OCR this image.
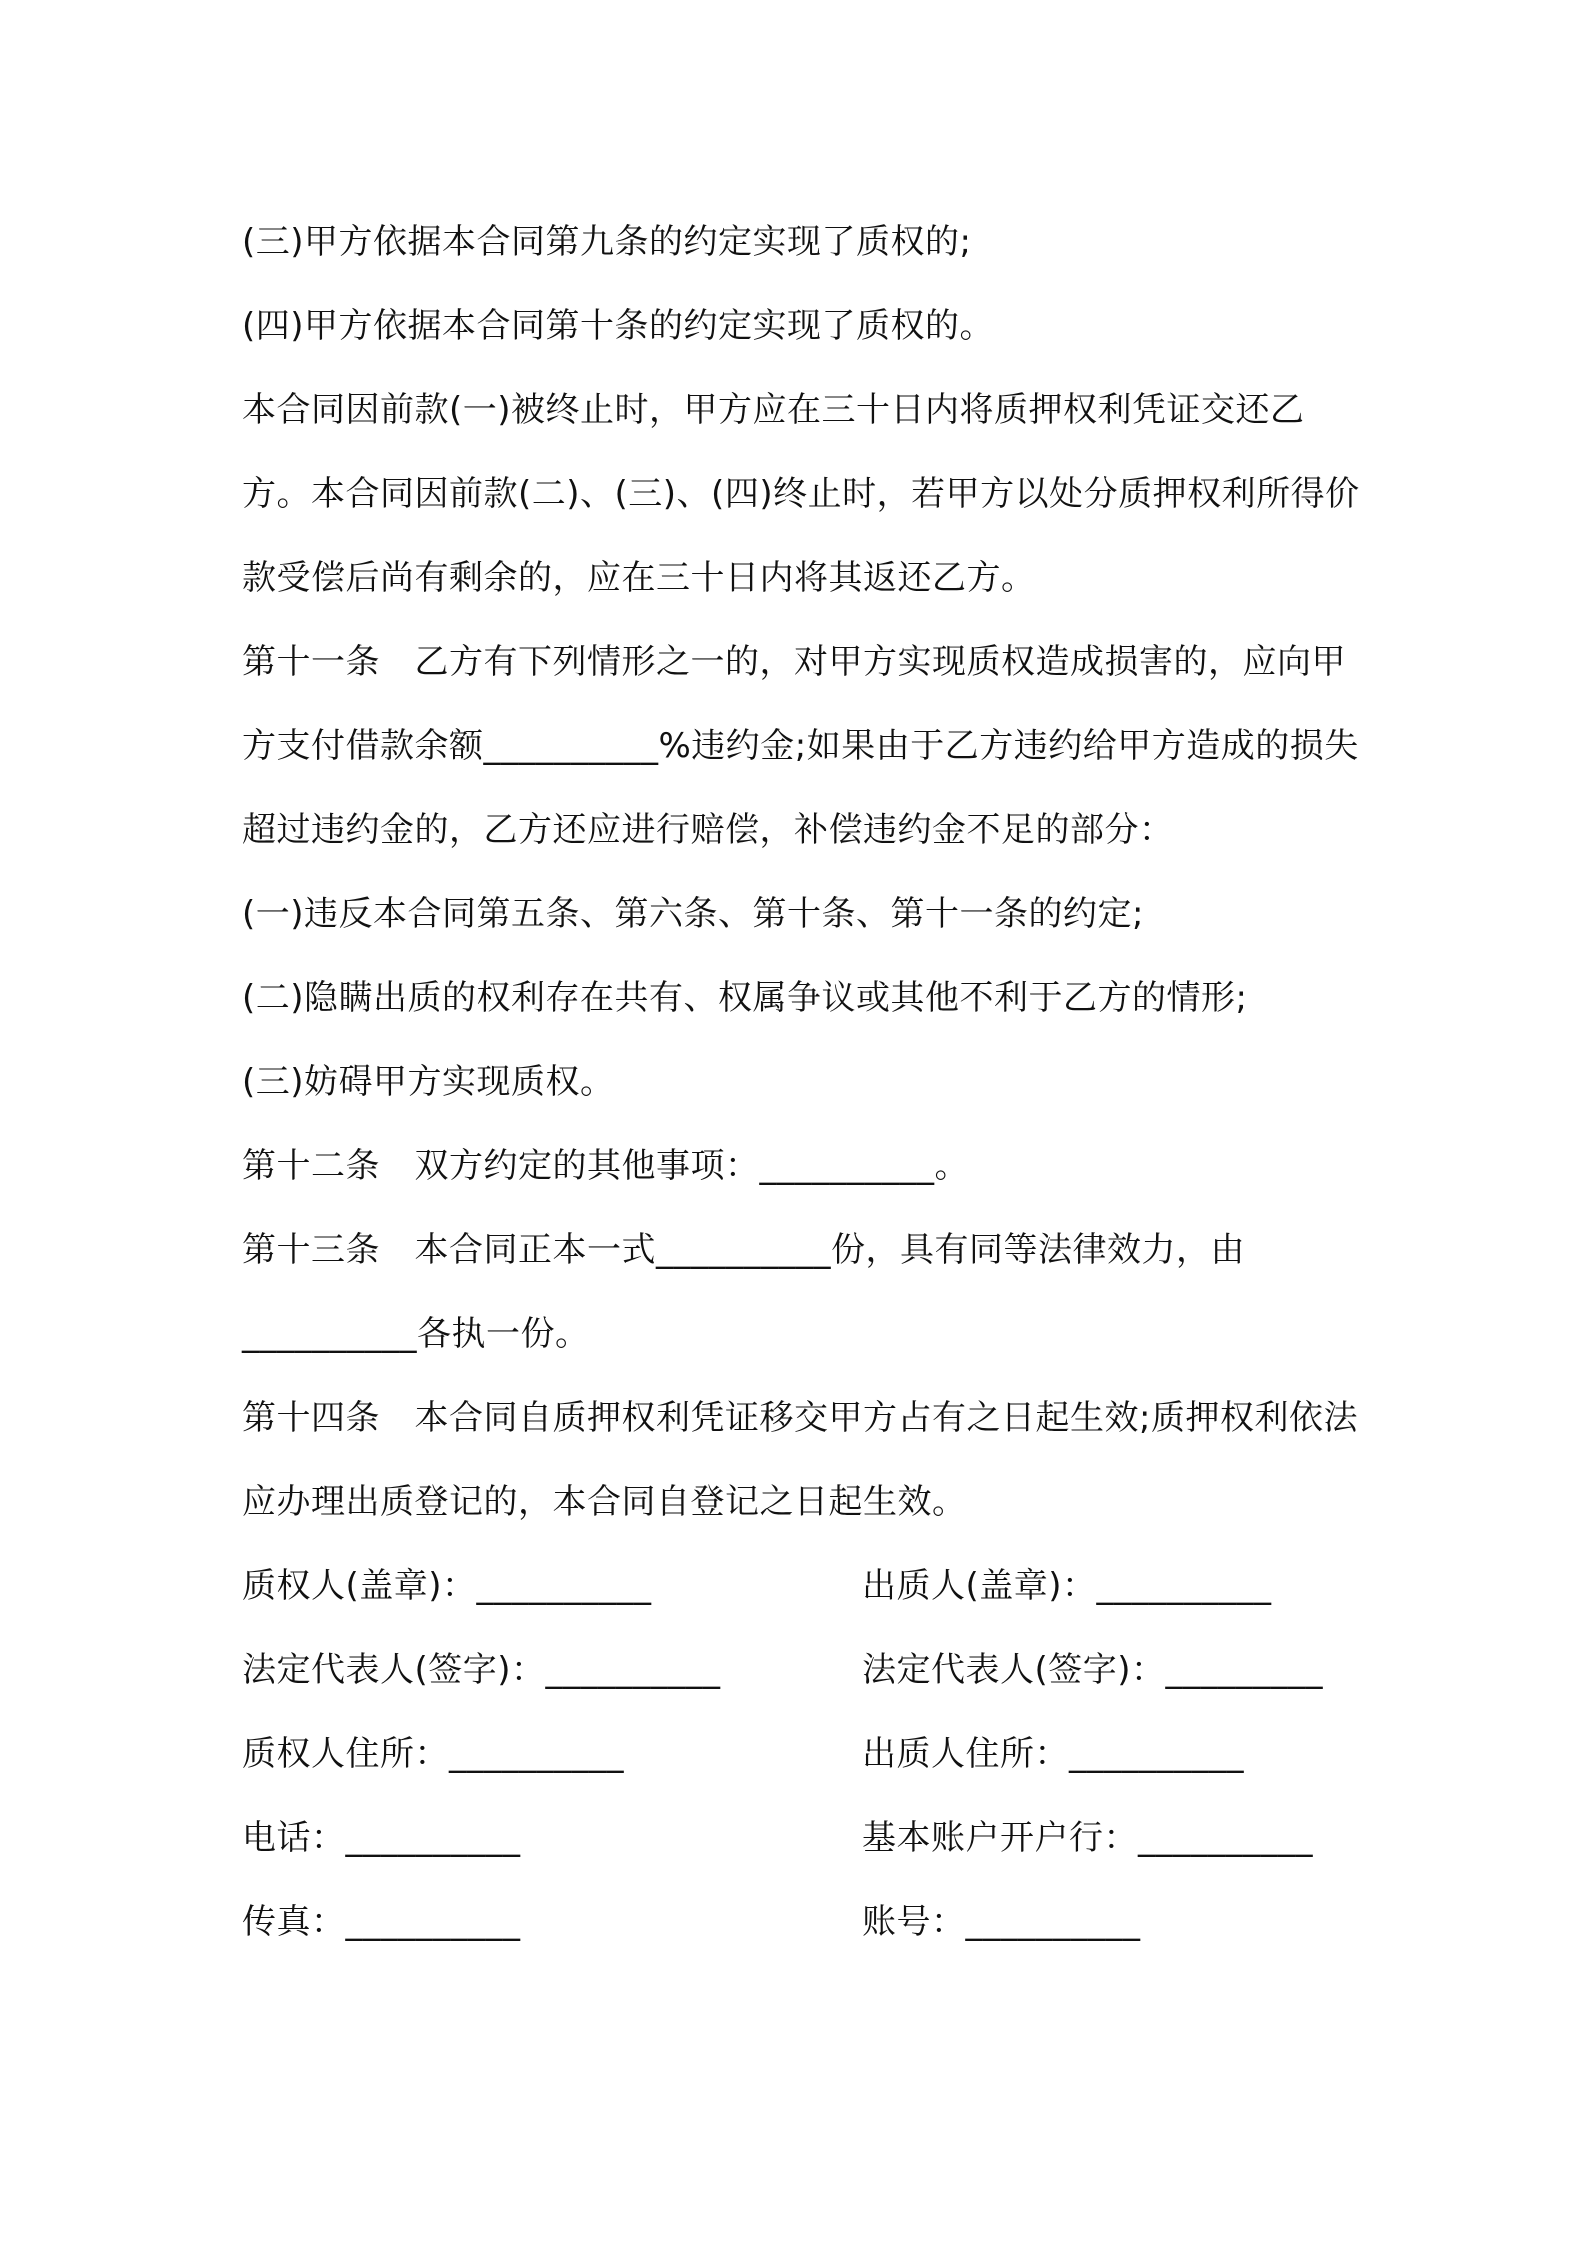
(三)甲方依据本合同第九条的约定实现了质权的;

(四)甲方依据本合同第十条的约定实现了质权的。

本合同因前款(一)被终止时，甲方应在三十日内将质押权利凭证交还乙方。本合同因前款(二)、(三)、(四)终止时，若甲方以处分质押权利所得价款受偿后尚有剩余的，应在三十日内将其返还乙方。

第十一条　乙方有下列情形之一的，对甲方实现质权造成损害的，应向甲方支付借款余额__________%违约金;如果由于乙方违约给甲方造成的损失超过违约金的，乙方还应进行赔偿，补偿违约金不足的部分：

(一)违反本合同第五条、第六条、第十条、第十一条的约定;

(二)隐瞒出质的权利存在共有、权属争议或其他不利于乙方的情形;

(三)妨碍甲方实现质权。

第十二条　双方约定的其他事项：__________。

第十三条　本合同正本一式__________份，具有同等法律效力，由__________各执一份。

第十四条　本合同自质押权利凭证移交甲方占有之日起生效;质押权利依法应办理出质登记的，本合同自登记之日起生效。

质权人(盖章)：__________	出质人(盖章)：__________
法定代表人(签字)：__________	法定代表人(签字)：_________
质权人住所：__________	出质人住所：__________
电话：__________	基本账户开户行：__________
传真：__________	账号：__________
